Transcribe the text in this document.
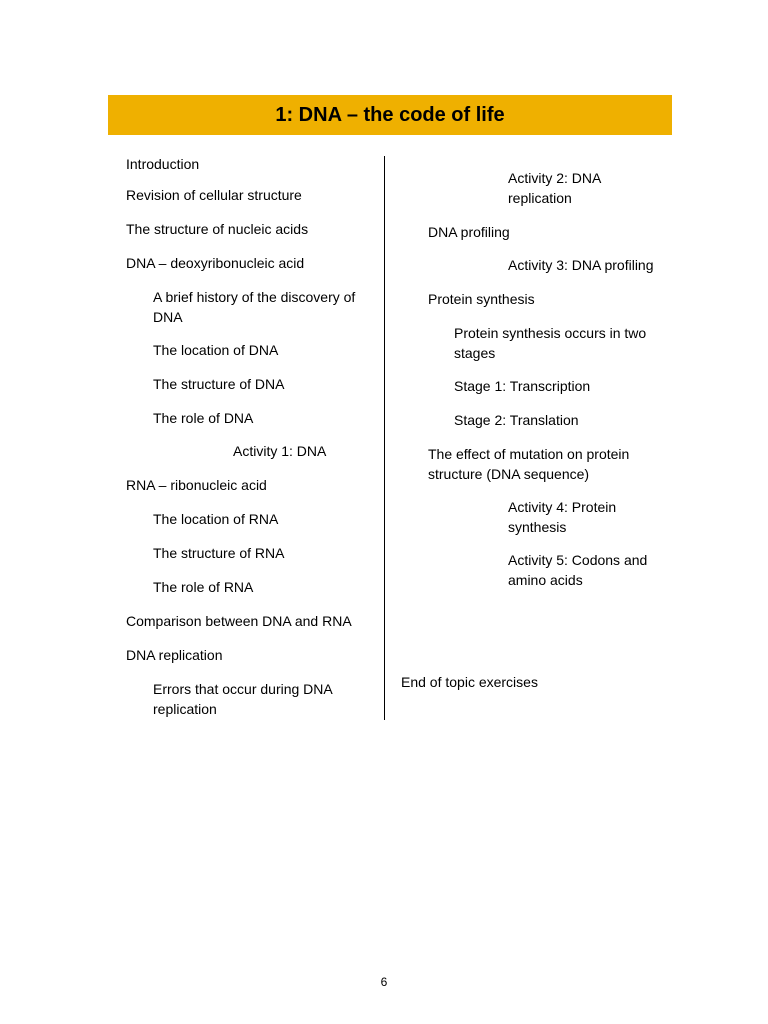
1: DNA – the code of life

Introduction

Revision of cellular structure

The structure of nucleic acids

DNA – deoxyribonucleic acid

A brief history of the discovery of DNA

The location of DNA

The structure of DNA

The role of DNA

Activity 1: DNA

RNA – ribonucleic acid

The location of RNA

The structure of RNA

The role of RNA

Comparison between DNA and RNA

DNA replication

Errors that occur during DNA replication

Activity 2: DNA replication

DNA profiling

Activity 3: DNA profiling

Protein synthesis

Protein synthesis occurs in two stages

Stage 1: Transcription

Stage 2: Translation

The effect of mutation on protein structure (DNA sequence)

Activity 4: Protein synthesis

Activity 5: Codons and amino acids

End of topic exercises

6
